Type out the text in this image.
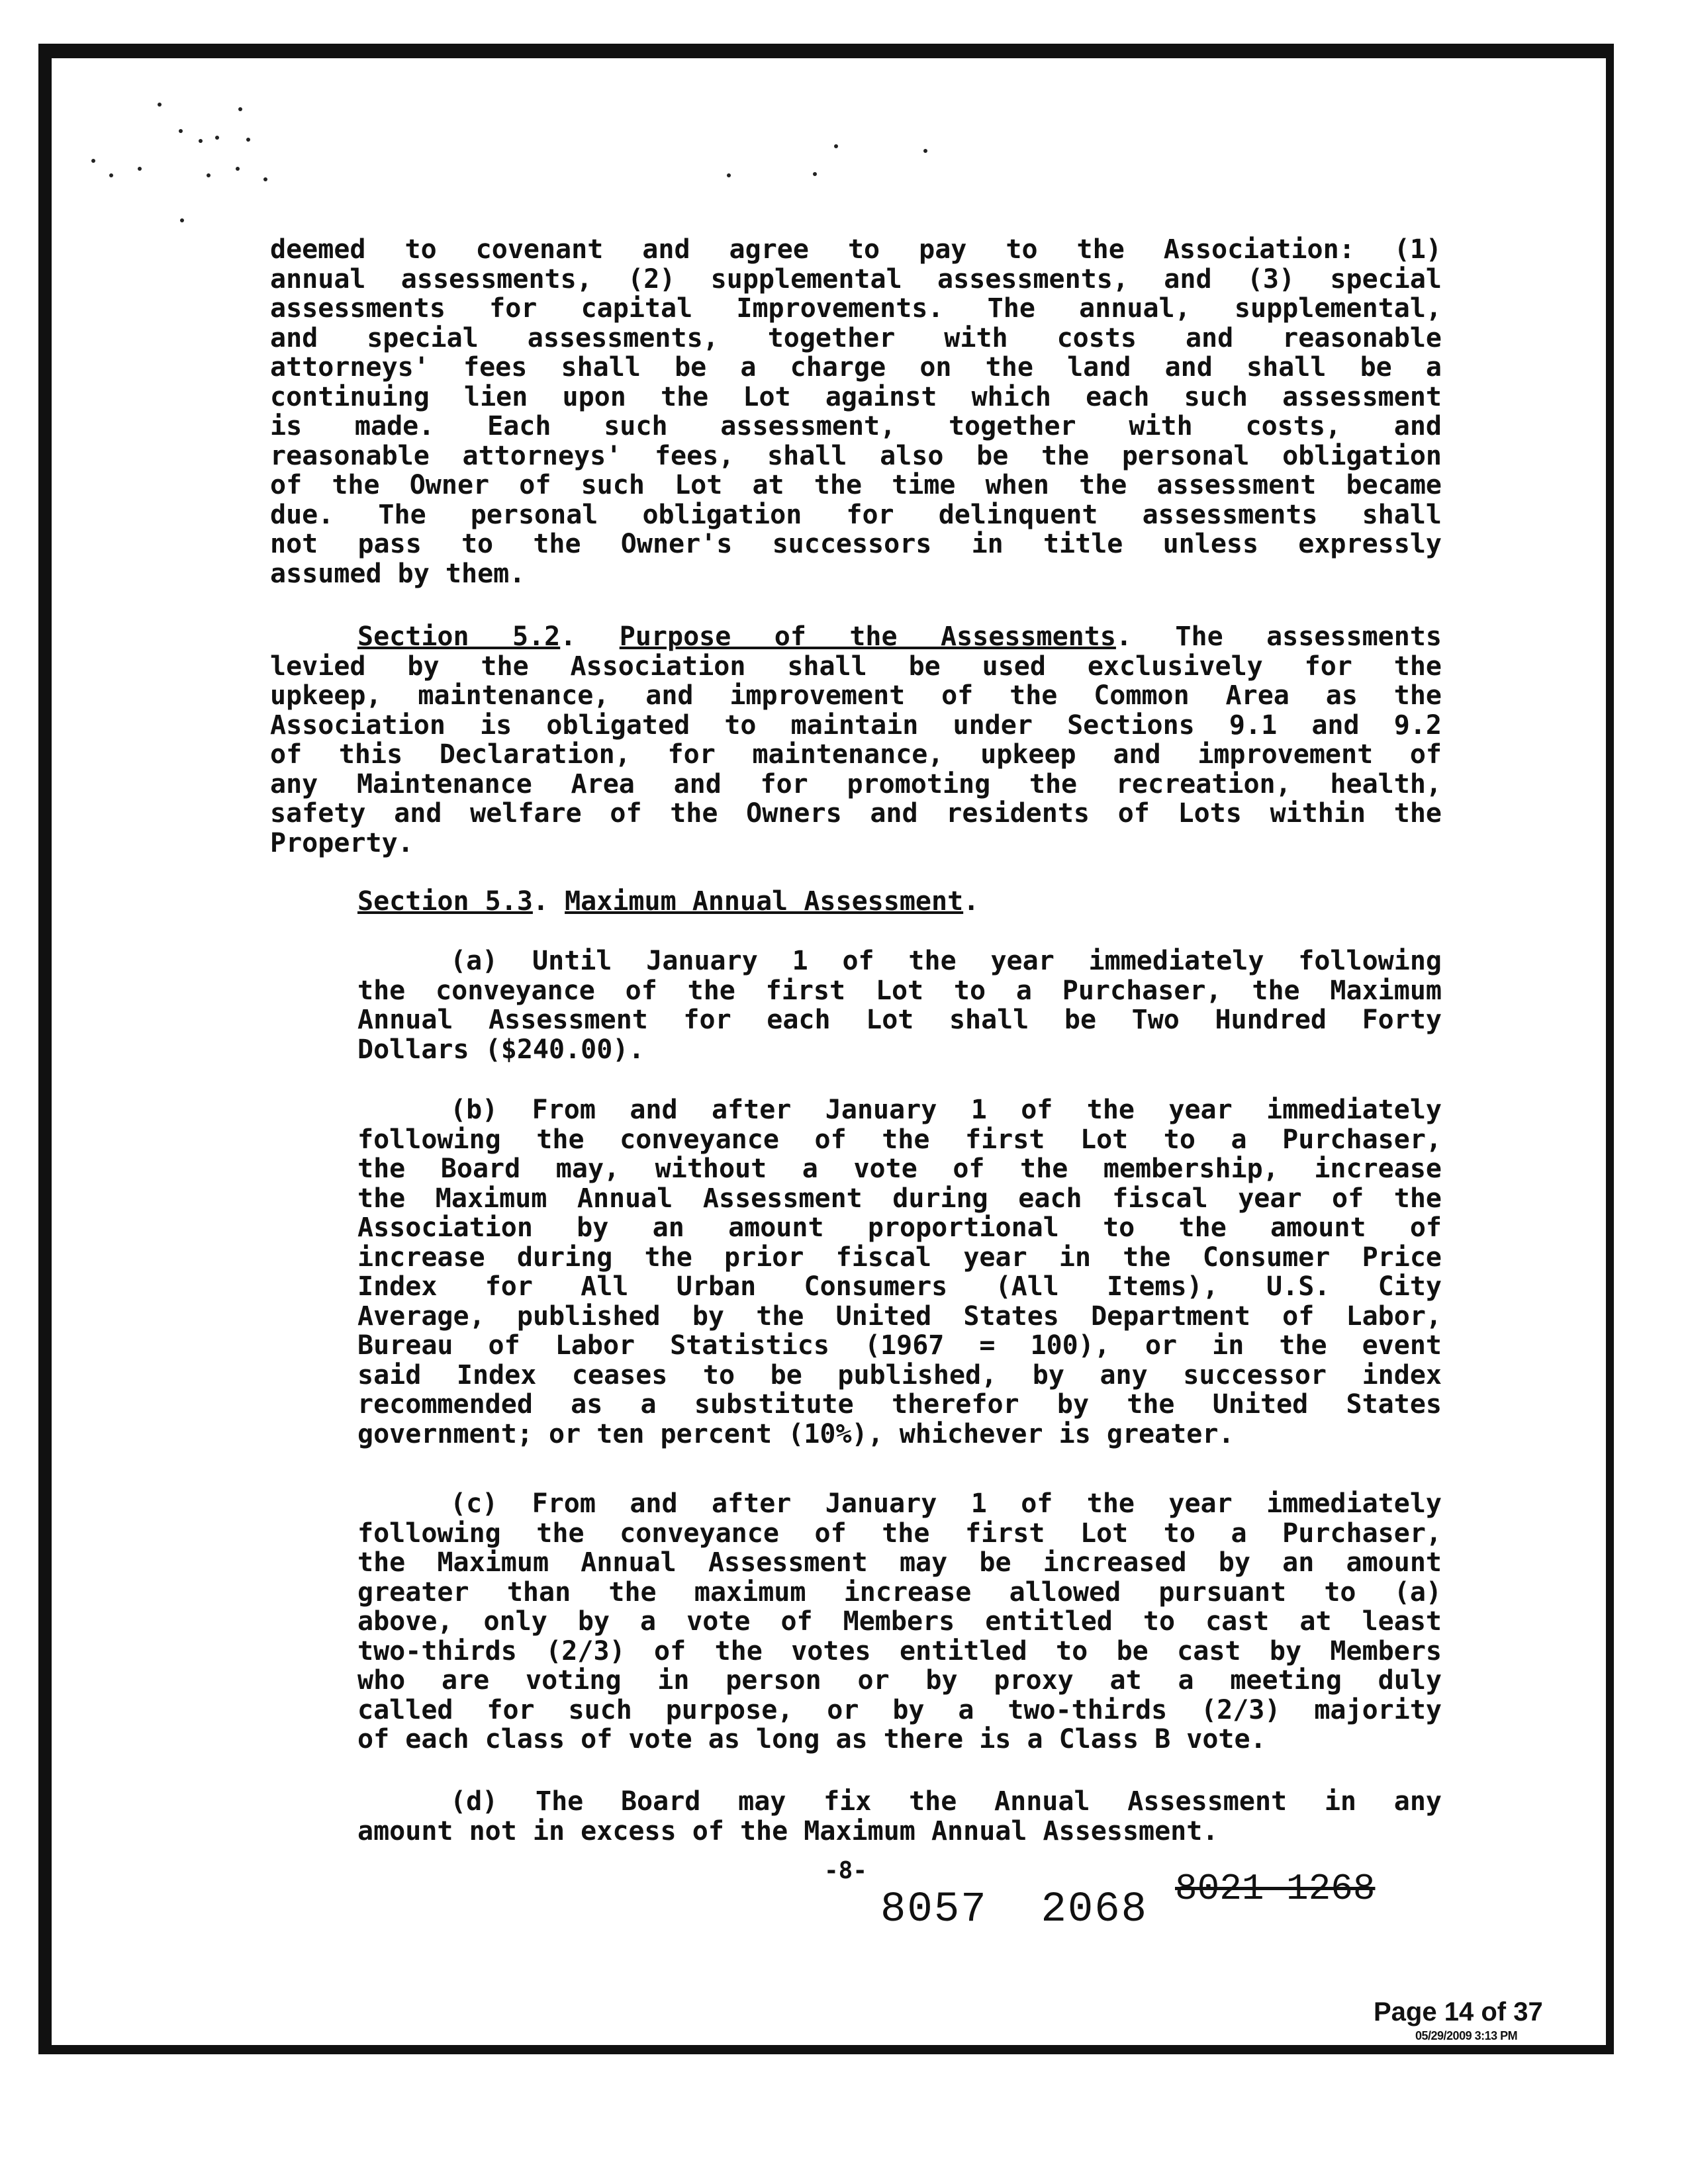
deemed to covenant and agree to pay to the Association: (1)
annual assessments, (2) supplemental assessments, and (3) special
assessments for capital Improvements. The annual, supplemental,
and special assessments, together with costs and reasonable
attorneys' fees shall be a charge on the land and shall be a
continuing lien upon the Lot against which each such assessment
is made. Each such assessment, together with costs, and
reasonable attorneys' fees, shall also be the personal obligation
of the Owner of such Lot at the time when the assessment became
due. The personal obligation for delinquent assessments shall
not pass to the Owner's successors in title unless expressly
assumed by them.
Section 5.2. Purpose of the Assessments. The assessments
levied by the Association shall be used exclusively for the
upkeep, maintenance, and improvement of the Common Area as the
Association is obligated to maintain under Sections 9.1 and 9.2
of this Declaration, for maintenance, upkeep and improvement of
any Maintenance Area and for promoting the recreation, health,
safety and welfare of the Owners and residents of Lots within the
Property.
Section 5.3. Maximum Annual Assessment.
(a) Until January 1 of the year immediately following
the conveyance of the first Lot to a Purchaser, the Maximum
Annual Assessment for each Lot shall be Two Hundred Forty
Dollars ($240.00).
(b) From and after January 1 of the year immediately
following the conveyance of the first Lot to a Purchaser,
the Board may, without a vote of the membership, increase
the Maximum Annual Assessment during each fiscal year of the
Association by an amount proportional to the amount of
increase during the prior fiscal year in the Consumer Price
Index for All Urban Consumers (All Items), U.S. City
Average, published by the United States Department of Labor,
Bureau of Labor Statistics (1967 = 100), or in the event
said Index ceases to be published, by any successor index
recommended as a substitute therefor by the United States
government; or ten percent (10%), whichever is greater.
(c) From and after January 1 of the year immediately
following the conveyance of the first Lot to a Purchaser,
the Maximum Annual Assessment may be increased by an amount
greater than the maximum increase allowed pursuant to (a)
above, only by a vote of Members entitled to cast at least
two-thirds (2/3) of the votes entitled to be cast by Members
who are voting in person or by proxy at a meeting duly
called for such purpose, or by a two-thirds (2/3) majority
of each class of vote as long as there is a Class B vote.
(d) The Board may fix the Annual Assessment in any
amount not in excess of the Maximum Annual Assessment.
-8-	8021 1268
8057  2068
Page 14 of 37
05/29/2009 3:13 PM
